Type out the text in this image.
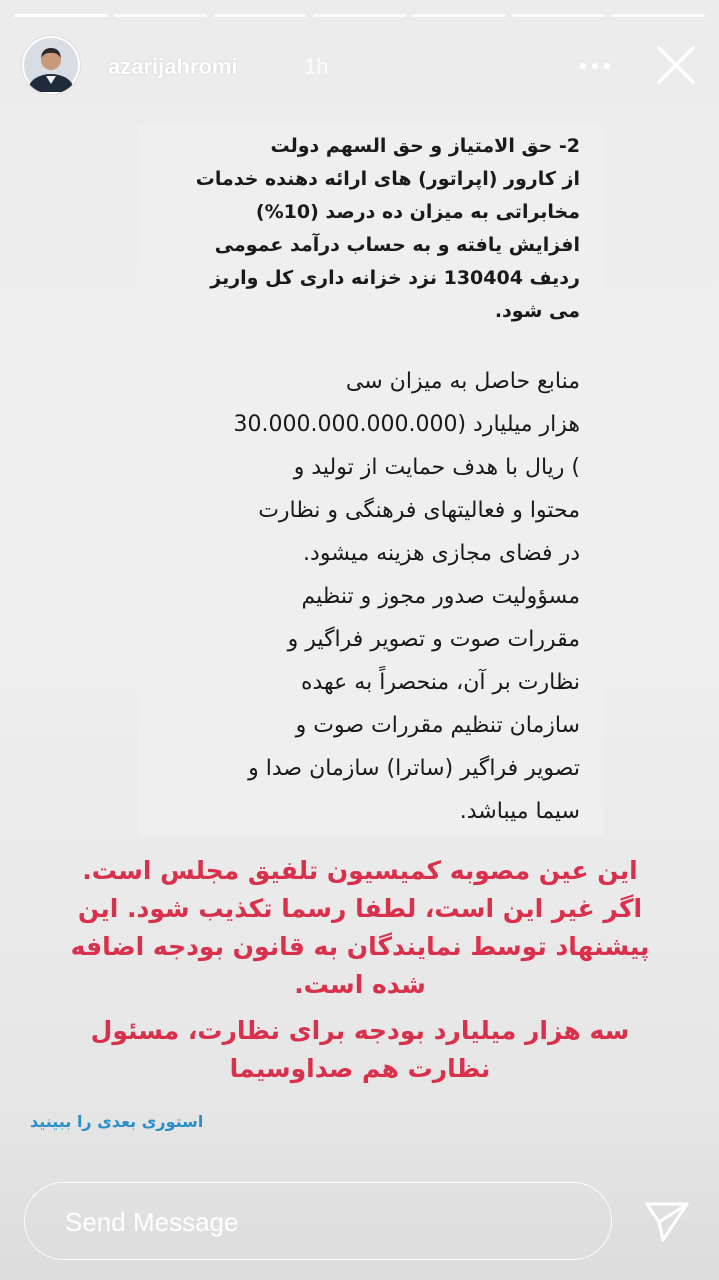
azarijahromi	1h
2- حق الامتیاز و حق السهم دولت
از کارور (اپراتور) های ارائه دهنده خدمات
مخابراتی به میزان ده درصد (10%)
افزایش یافته و به حساب درآمد عمومی
ردیف 130404 نزد خزانه داری کل واریز
می شود.
منابع حاصل به میزان سی
هزار میلیارد (30.000.000.000.000
) ریال با هدف حمایت از تولید و
محتوا و فعالیتهای فرهنگی و نظارت
در فضای مجازی هزینه میشود.
مسؤولیت صدور مجوز و تنظیم
مقررات صوت و تصویر فراگیر و
نظارت بر آن، منحصراً به عهده
سازمان تنظیم مقررات صوت و
تصویر فراگیر (ساترا) سازمان صدا و
سیما میباشد.

این عین مصوبه کمیسیون تلفیق مجلس است.

اگر غیر این است، لطفا رسما تکذیب شود. این

پیشنهاد توسط نمایندگان به قانون بودجه اضافه

شده است.

سه هزار میلیارد بودجه برای نظارت، مسئول

نظارت هم صداوسیما

استوری بعدی را ببینید
Send Message
